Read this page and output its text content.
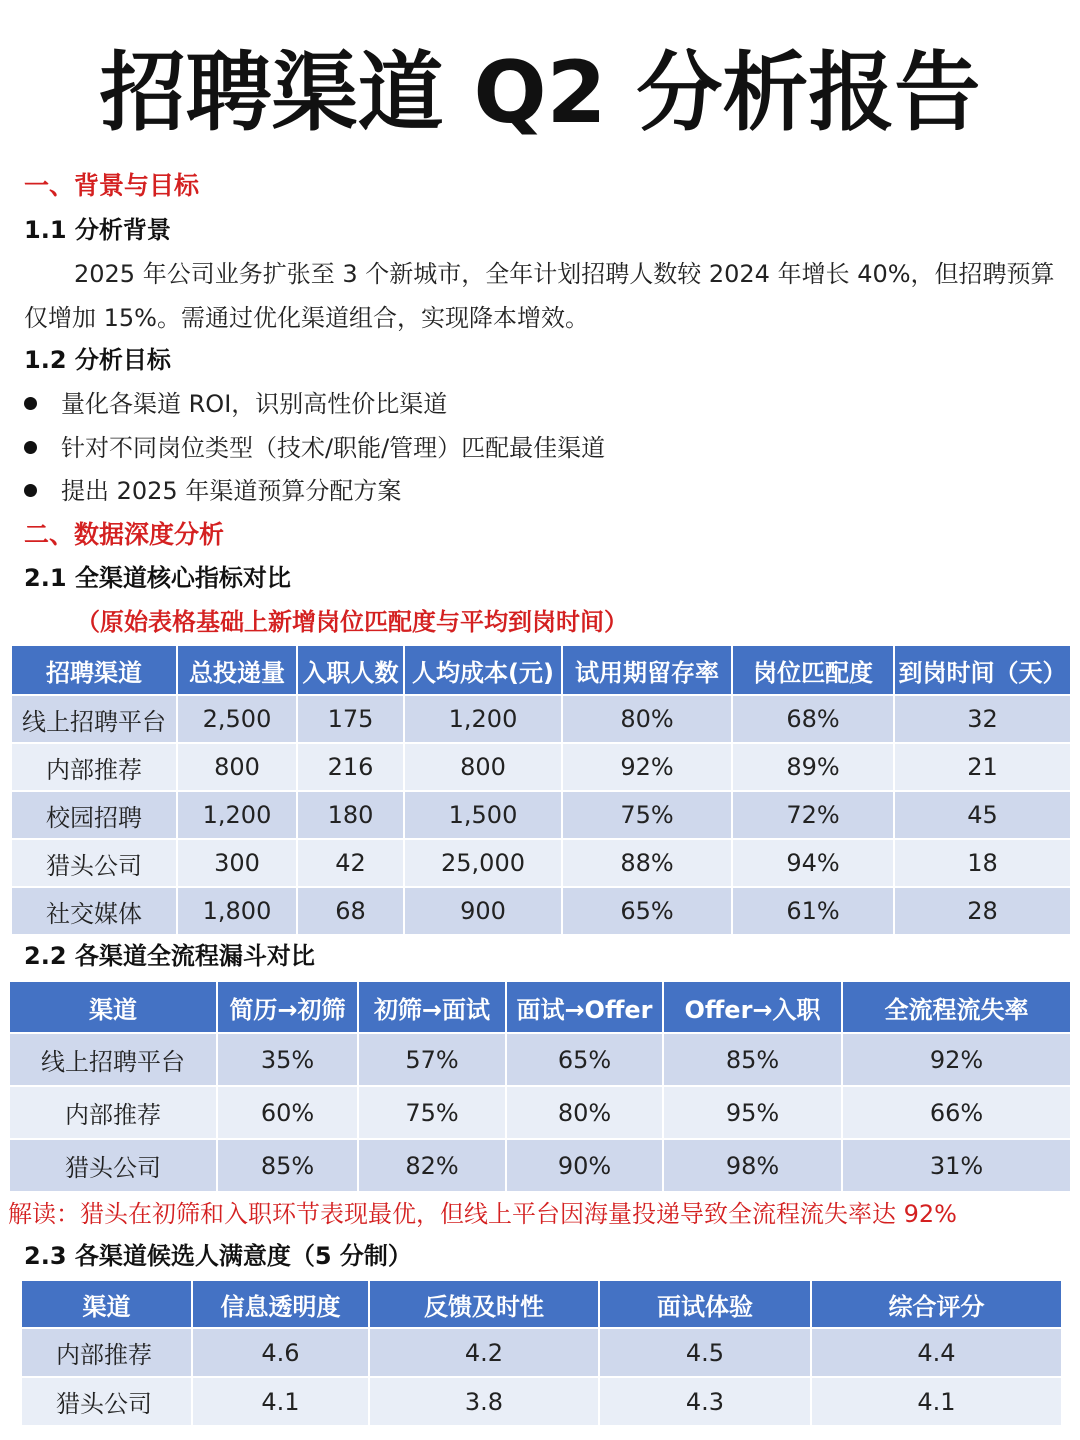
招聘渠道 Q2 分析报告
一、背景与目标
1.1 分析背景
2025 年公司业务扩张至 3 个新城市，全年计划招聘人数较 2024 年增长 40%，但招聘预算仅增加 15%。需通过优化渠道组合，实现降本增效。
1.2 分析目标
量化各渠道 ROI，识别高性价比渠道
针对不同岗位类型（技术/职能/管理）匹配最佳渠道
提出 2025 年渠道预算分配方案
二、数据深度分析
2.1 全渠道核心指标对比
（原始表格基础上新增岗位匹配度与平均到岗时间）
招聘渠道	总投递量	入职人数	人均成本(元)	试用期留存率	岗位匹配度	到岗时间（天）
线上招聘平台	2,500	175	1,200	80%	68%	32
内部推荐	800	216	800	92%	89%	21
校园招聘	1,200	180	1,500	75%	72%	45
猎头公司	300	42	25,000	88%	94%	18
社交媒体	1,800	68	900	65%	61%	28
2.2 各渠道全流程漏斗对比
渠道	简历→初筛	初筛→面试	面试→Offer	Offer→入职	全流程流失率
线上招聘平台	35%	57%	65%	85%	92%
内部推荐	60%	75%	80%	95%	66%
猎头公司	85%	82%	90%	98%	31%
解读：猎头在初筛和入职环节表现最优，但线上平台因海量投递导致全流程流失率达 92%
2.3 各渠道候选人满意度（5 分制）
渠道	信息透明度	反馈及时性	面试体验	综合评分
内部推荐	4.6	4.2	4.5	4.4
猎头公司	4.1	3.8	4.3	4.1
